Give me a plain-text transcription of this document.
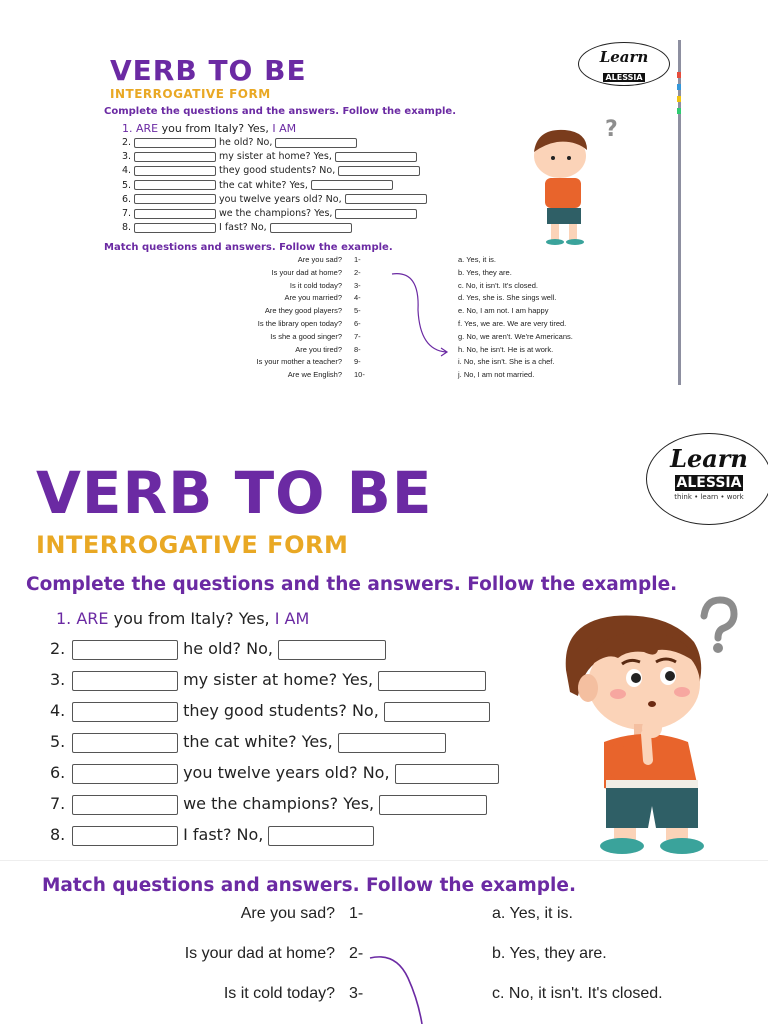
VERB TO BE
INTERROGATIVE FORM
Complete the questions and the answers. Follow the example.
Learn
ALESSIA
1. ARE you from Italy? Yes, I AM	?
Match questions and answers. Follow the example.
2.	he old? No,
3.	my sister at home? Yes,
4.	they good students? No,
5.	the cat white? Yes,
6.	you twelve years old? No,
7.	we the champions? Yes,
8.	I fast? No,
Are you sad? 1-	a. Yes, it is.
Is your dad at home? 2-	b. Yes, they are.
Is it cold today? 3-	c. No, it isn't. It's closed.
Are you married? 4-	d. Yes, she is. She sings well.
Are they good players? 5-	e. No, I am not. I am happy
Is the library open today? 6-	f. Yes, we are. We are very tired.
Is she a good singer? 7-	g. No, we aren't. We're Americans.
Are you tired? 8-	h. No, he isn't. He is at work.
Is your mother a teacher? 9-	i. No, she isn't. She is a chef.
Are we English? 10-	j. No, I am not married.
VERB TO BE
INTERROGATIVE FORM
Complete the questions and the answers. Follow the example.
Learn
ALESSIA
think • learn • work
1. ARE you from Italy? Yes, I AM
2.	he old? No,
3.	my sister at home? Yes,
4.	they good students? No,
5.	the cat white? Yes,
6.	you twelve years old? No,
7.	we the champions? Yes,
8.	I fast? No,
Match questions and answers. Follow the example.
Are you sad? 1-	a. Yes, it is.
Is your dad at home? 2-	b. Yes, they are.
Is it cold today? 3-	c. No, it isn't. It's closed.
